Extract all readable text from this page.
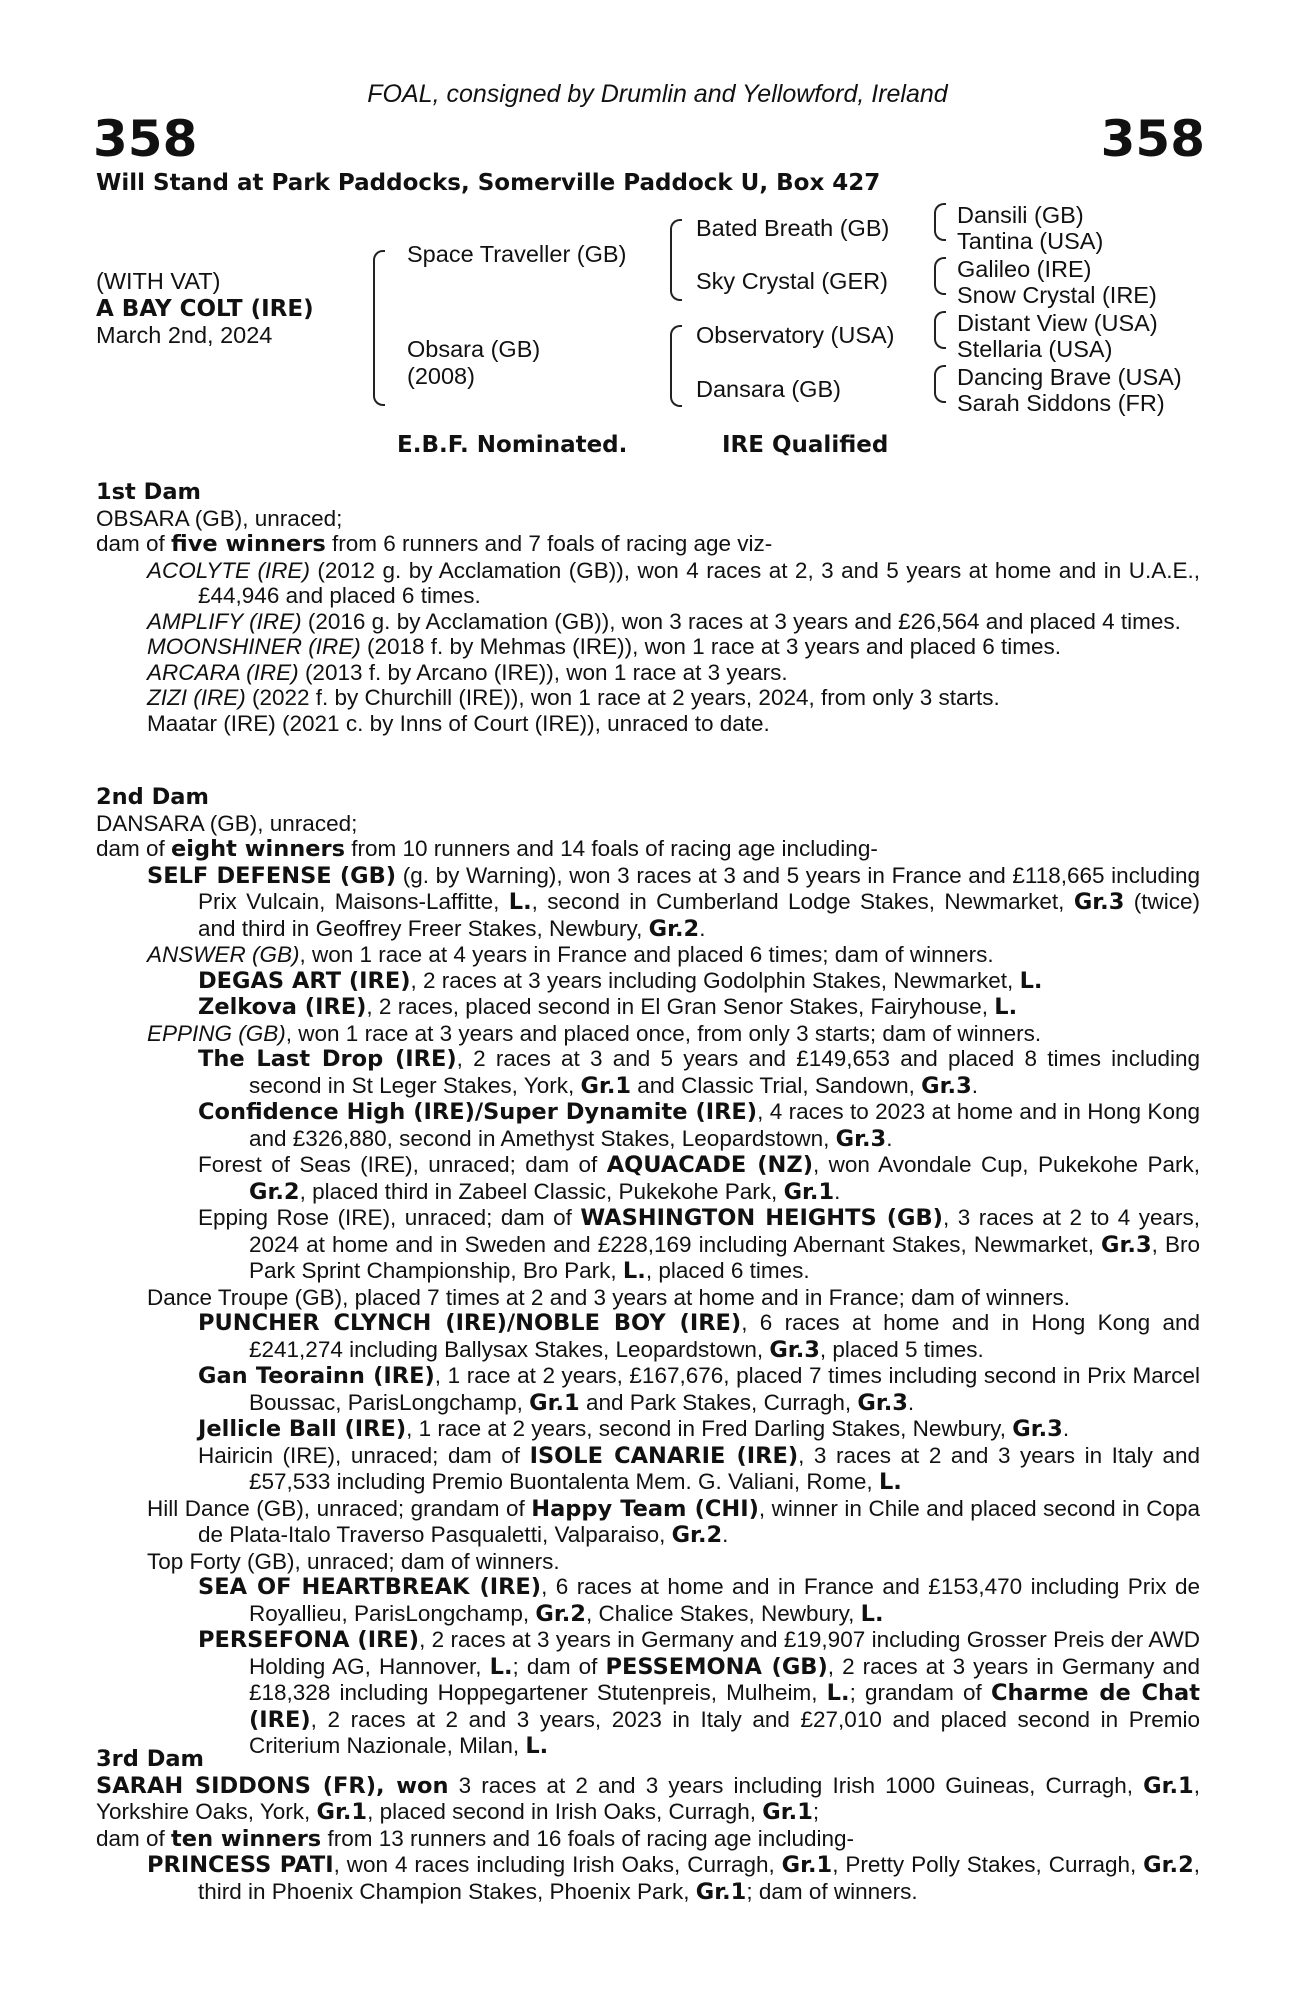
FOAL, consigned by Drumlin and Yellowford, Ireland
358	358
Will Stand at Park Paddocks, Somerville Paddock U, Box 427
(WITH VAT)
A BAY COLT (IRE)
March 2nd, 2024
Space Traveller (GB)
Obsara (GB)
(2008)
Bated Breath (GB)
Sky Crystal (GER)
Observatory (USA)
Dansara (GB)
Dansili (GB)
Tantina (USA)
Galileo (IRE)
Snow Crystal (IRE)
Distant View (USA)
Stellaria (USA)
Dancing Brave (USA)
Sarah Siddons (FR)
E.B.F. Nominated.	IRE Qualified
1st Dam

OBSARA (GB), unraced;

dam of five winners from 6 runners and 7 foals of racing age viz-

ACOLYTE (IRE) (2012 g. by Acclamation (GB)), won 4 races at 2, 3 and 5 years at home and in U.A.E., £44,946 and placed 6 times.

AMPLIFY (IRE) (2016 g. by Acclamation (GB)), won 3 races at 3 years and £26,564 and placed 4 times.

MOONSHINER (IRE) (2018 f. by Mehmas (IRE)), won 1 race at 3 years and placed 6 times.

ARCARA (IRE) (2013 f. by Arcano (IRE)), won 1 race at 3 years.

ZIZI (IRE) (2022 f. by Churchill (IRE)), won 1 race at 2 years, 2024, from only 3 starts.

Maatar (IRE) (2021 c. by Inns of Court (IRE)), unraced to date.

2nd Dam

DANSARA (GB), unraced;

dam of eight winners from 10 runners and 14 foals of racing age including-

SELF DEFENSE (GB) (g. by Warning), won 3 races at 3 and 5 years in France and £118,665 including Prix Vulcain, Maisons-Laffitte, L., second in Cumberland Lodge Stakes, Newmarket, Gr.3 (twice) and third in Geoffrey Freer Stakes, Newbury, Gr.2.

ANSWER (GB), won 1 race at 4 years in France and placed 6 times; dam of winners.

DEGAS ART (IRE), 2 races at 3 years including Godolphin Stakes, Newmarket, L.

Zelkova (IRE), 2 races, placed second in El Gran Senor Stakes, Fairyhouse, L.

EPPING (GB), won 1 race at 3 years and placed once, from only 3 starts; dam of winners.

The Last Drop (IRE), 2 races at 3 and 5 years and £149,653 and placed 8 times including second in St Leger Stakes, York, Gr.1 and Classic Trial, Sandown, Gr.3.

Confidence High (IRE)/Super Dynamite (IRE), 4 races to 2023 at home and in Hong Kong and £326,880, second in Amethyst Stakes, Leopardstown, Gr.3.

Forest of Seas (IRE), unraced; dam of AQUACADE (NZ), won Avondale Cup, Pukekohe Park, Gr.2, placed third in Zabeel Classic, Pukekohe Park, Gr.1.

Epping Rose (IRE), unraced; dam of WASHINGTON HEIGHTS (GB), 3 races at 2 to 4 years, 2024 at home and in Sweden and £228,169 including Abernant Stakes, Newmarket, Gr.3, Bro Park Sprint Championship, Bro Park, L., placed 6 times.

Dance Troupe (GB), placed 7 times at 2 and 3 years at home and in France; dam of winners.

PUNCHER CLYNCH (IRE)/NOBLE BOY (IRE), 6 races at home and in Hong Kong and £241,274 including Ballysax Stakes, Leopardstown, Gr.3, placed 5 times.

Gan Teorainn (IRE), 1 race at 2 years, £167,676, placed 7 times including second in Prix Marcel Boussac, ParisLongchamp, Gr.1 and Park Stakes, Curragh, Gr.3.

Jellicle Ball (IRE), 1 race at 2 years, second in Fred Darling Stakes, Newbury, Gr.3.

Hairicin (IRE), unraced; dam of ISOLE CANARIE (IRE), 3 races at 2 and 3 years in Italy and £57,533 including Premio Buontalenta Mem. G. Valiani, Rome, L.

Hill Dance (GB), unraced; grandam of Happy Team (CHI), winner in Chile and placed second in Copa de Plata-Italo Traverso Pasqualetti, Valparaiso, Gr.2.

Top Forty (GB), unraced; dam of winners.

SEA OF HEARTBREAK (IRE), 6 races at home and in France and £153,470 including Prix de Royallieu, ParisLongchamp, Gr.2, Chalice Stakes, Newbury, L.

PERSEFONA (IRE), 2 races at 3 years in Germany and £19,907 including Grosser Preis der AWD Holding AG, Hannover, L.; dam of PESSEMONA (GB), 2 races at 3 years in Germany and £18,328 including Hoppegartener Stutenpreis, Mulheim, L.; grandam of Charme de Chat (IRE), 2 races at 2 and 3 years, 2023 in Italy and £27,010 and placed second in Premio Criterium Nazionale, Milan, L.

3rd Dam

SARAH SIDDONS (FR), won 3 races at 2 and 3 years including Irish 1000 Guineas, Curragh, Gr.1, Yorkshire Oaks, York, Gr.1, placed second in Irish Oaks, Curragh, Gr.1;

dam of ten winners from 13 runners and 16 foals of racing age including-

PRINCESS PATI, won 4 races including Irish Oaks, Curragh, Gr.1, Pretty Polly Stakes, Curragh, Gr.2, third in Phoenix Champion Stakes, Phoenix Park, Gr.1; dam of winners.
